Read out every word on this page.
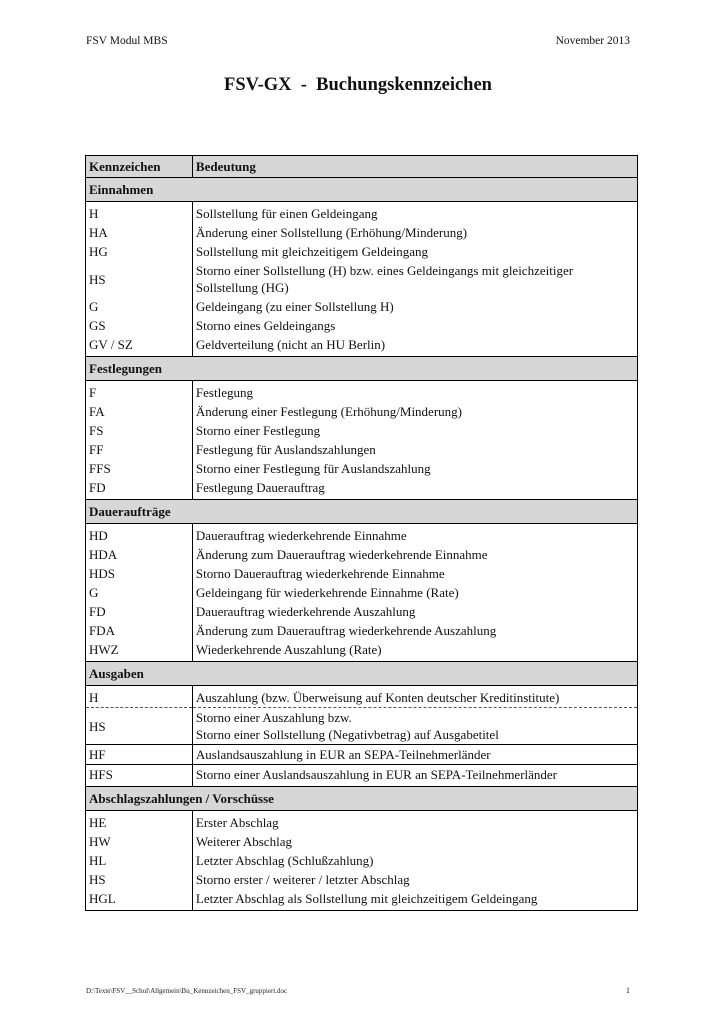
FSV Modul MBS	November 2013
FSV-GX  -  Buchungskennzeichen
Kennzeichen	Bedeutung
Einnahmen	
H	Sollstellung für einen Geldeingang
HA	Änderung einer Sollstellung (Erhöhung/Minderung)
HG	Sollstellung mit gleichzeitigem Geldeingang
HS	Storno einer Sollstellung (H) bzw. eines Geldeingangs mit gleichzeitiger Sollstellung (HG)
G	Geldeingang (zu einer Sollstellung H)
GS	Storno eines Geldeingangs
GV / SZ	Geldverteilung (nicht an HU Berlin)
Festlegungen	
F	Festlegung
FA	Änderung einer Festlegung (Erhöhung/Minderung)
FS	Storno einer Festlegung
FF	Festlegung für Auslandszahlungen
FFS	Storno einer Festlegung für Auslandszahlung
FD	Festlegung Dauerauftrag
Daueraufträge	
HD	Dauerauftrag wiederkehrende Einnahme
HDA	Änderung zum Dauerauftrag wiederkehrende Einnahme
HDS	Storno Dauerauftrag wiederkehrende Einnahme
G	Geldeingang für wiederkehrende Einnahme (Rate)
FD	Dauerauftrag wiederkehrende Auszahlung
FDA	Änderung zum Dauerauftrag wiederkehrende Auszahlung
HWZ	Wiederkehrende Auszahlung (Rate)
Ausgaben	
H	Auszahlung (bzw. Überweisung auf Konten deutscher Kreditinstitute)
HS	Storno einer Auszahlung bzw.
Storno einer Sollstellung (Negativbetrag) auf Ausgabetitel

HF	Auslandsauszahlung in EUR an SEPA-Teilnehmerländer
HFS	Storno einer Auslandsauszahlung in EUR an SEPA-Teilnehmerländer
Abschlagszahlungen / Vorschüsse	
HE	Erster Abschlag
HW	Weiterer Abschlag
HL	Letzter Abschlag (Schlußzahlung)
HS	Storno erster / weiterer / letzter Abschlag
HGL	Letzter Abschlag als Sollstellung mit gleichzeitigem Geldeingang
D:\Texte\FSV__Schul\Allgemein\Bu_Kennzeichen_FSV_gruppiert.doc	1
